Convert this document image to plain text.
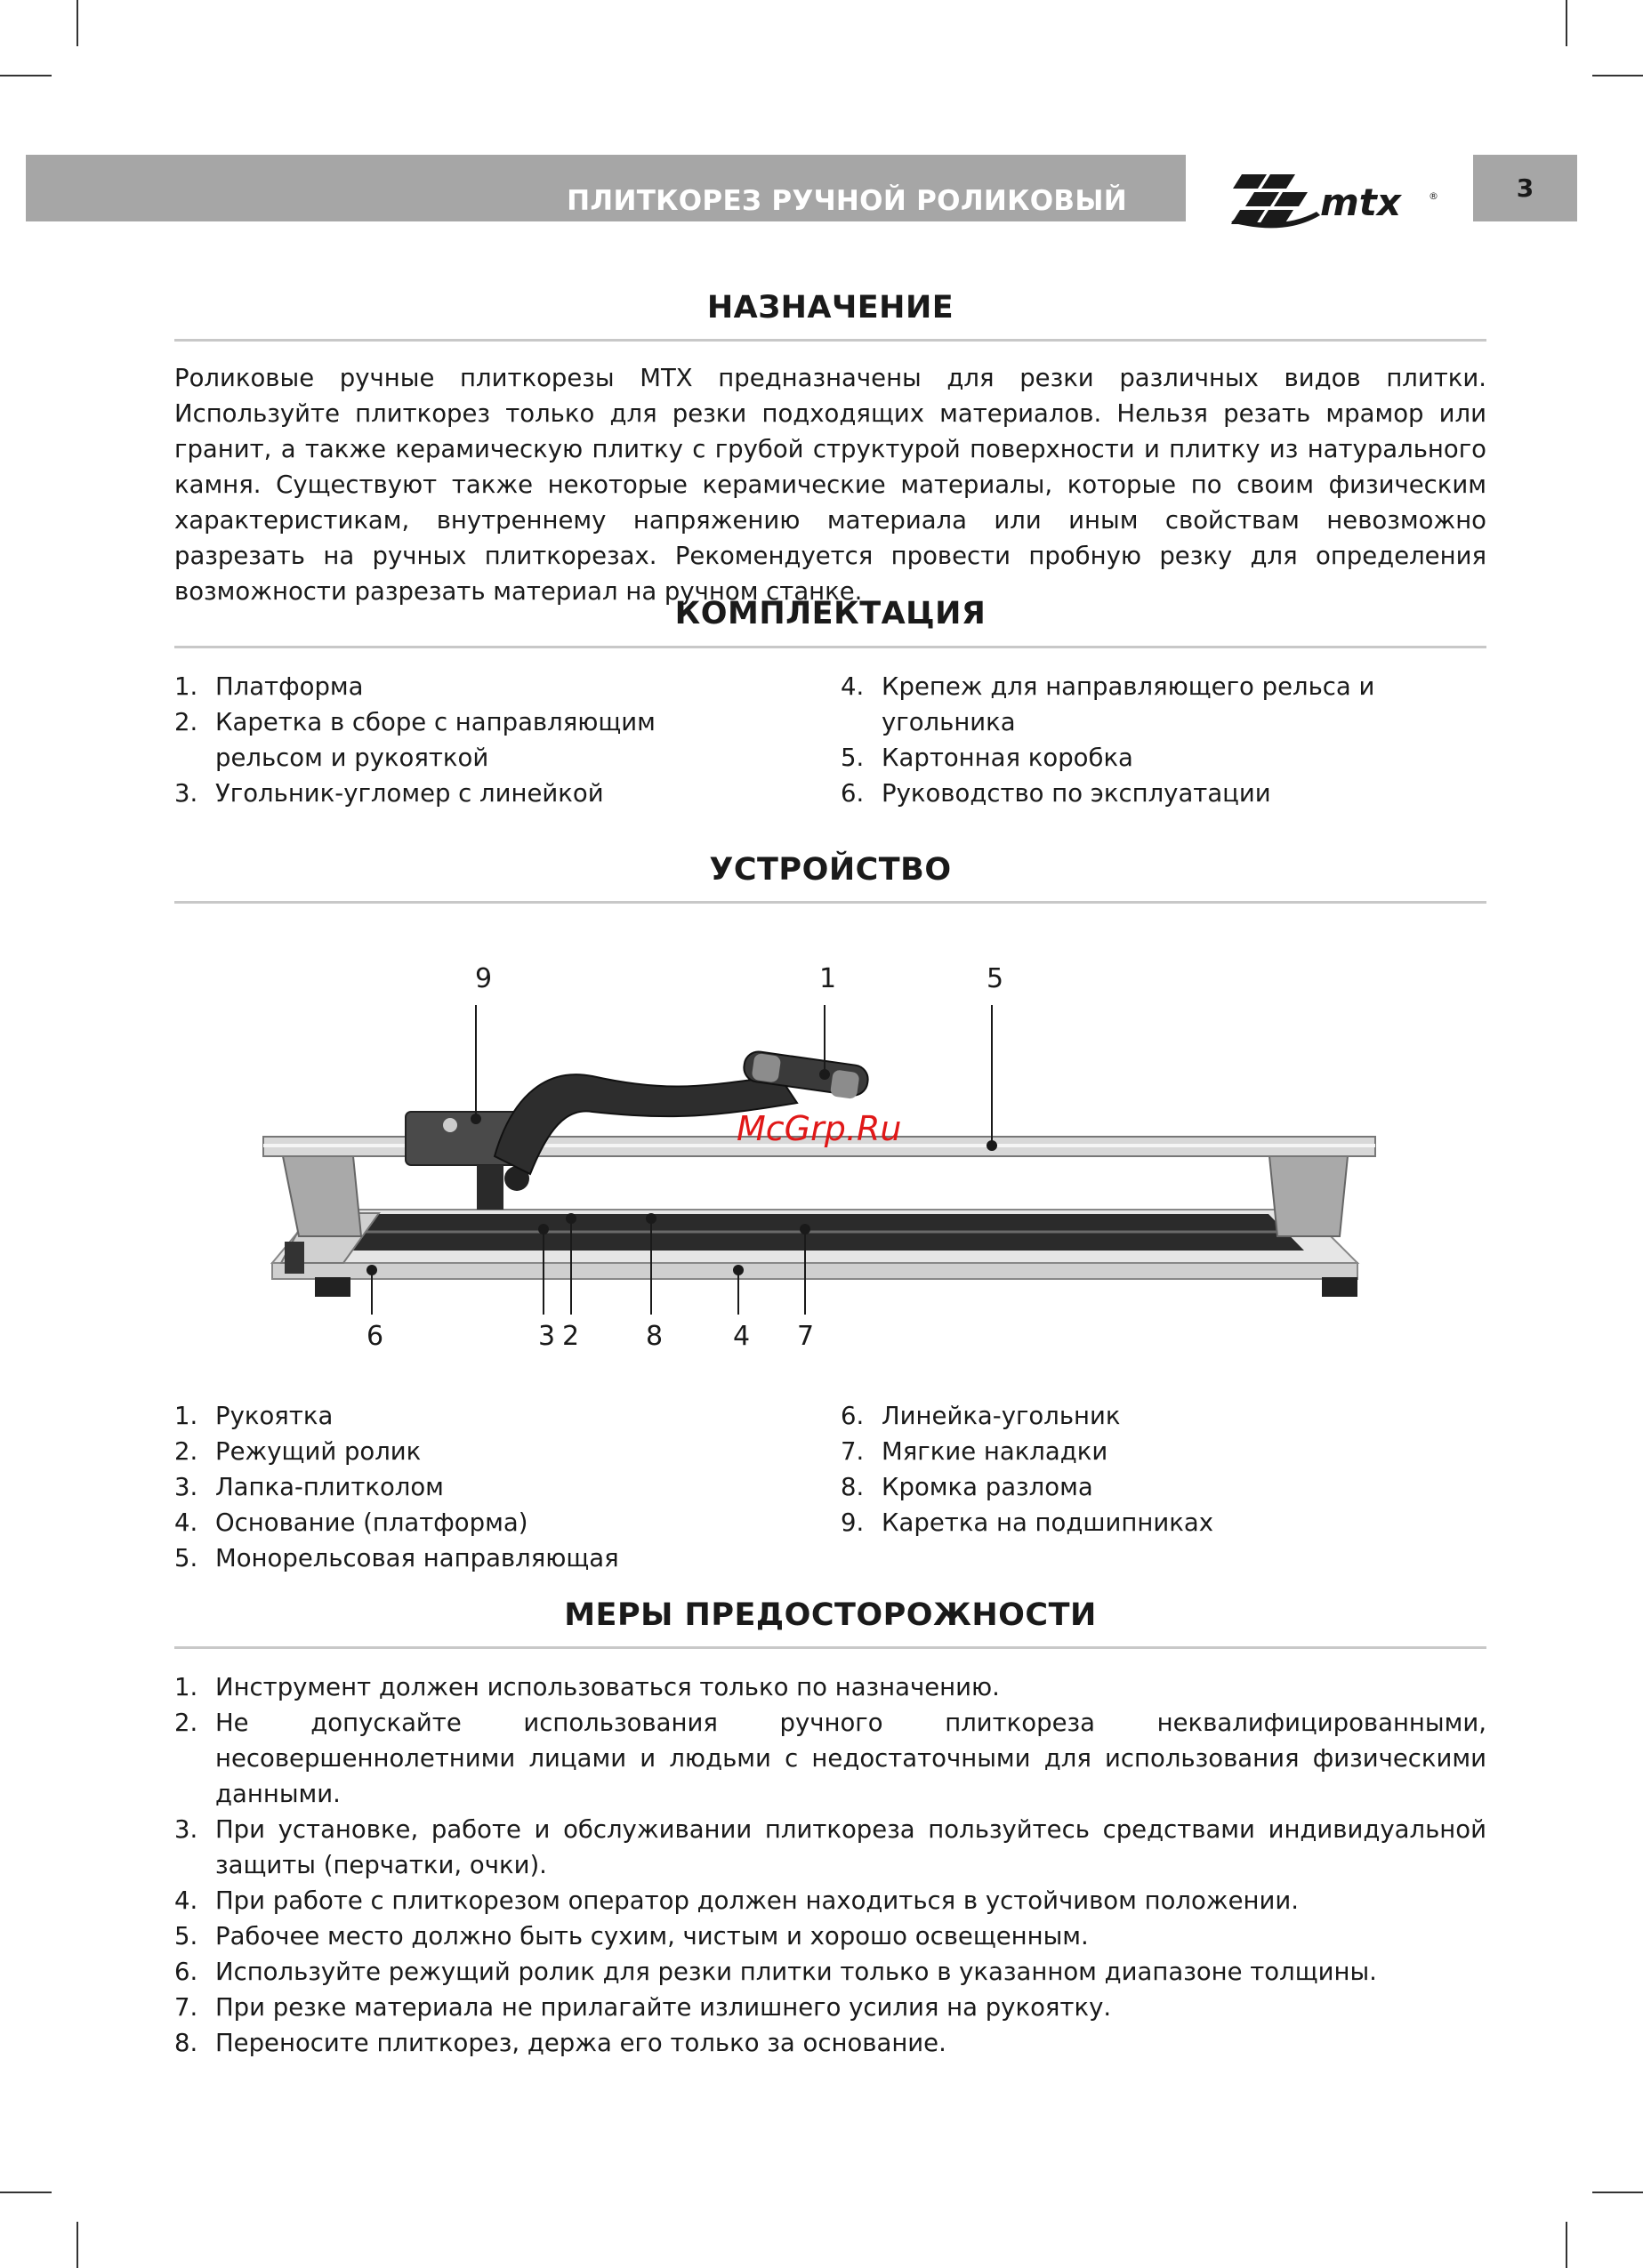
ПЛИТКОРЕЗ РУЧНОЙ РОЛИКОВЫЙ	mtx	®	3
НАЗНАЧЕНИЕ

Роликовые ручные плиткорезы МТХ предназначены для резки различных видов плитки. Используйте плиткорез только для резки подходящих материалов. Нельзя резать мрамор или гранит, а также керамическую плитку с грубой структурой поверхности и плитку из натурального камня. Существуют также некоторые керамические материалы, которые по своим физическим характеристикам, внутреннему напряжению материала или иным свойствам невозможно разрезать на ручных плиткорезах. Рекомендуется провести пробную резку для определения возможности разрезать материал на ручном станке.

КОМПЛЕКТАЦИЯ
1. Платформа
2. Каретка в сборе с направляющим рельсом и рукояткой
3. Угольник-угломер с линейкой
4. Крепеж для направляющего рельса и угольника
5. Картонная коробка
6. Руководство по эксплуатации
УСТРОЙСТВО
9	1	5
6	3 2 8	4 7
McGrp.Ru
1. Рукоятка
2. Режущий ролик
3. Лапка-плитколом
4. Основание (платформа)
5. Монорельсовая направляющая
6. Линейка-угольник
7. Мягкие накладки
8. Кромка разлома
9. Каретка на подшипниках
МЕРЫ ПРЕДОСТОРОЖНОСТИ
1. Инструмент должен использоваться только по назначению.
2. Не допускайте использования ручного плиткореза неквалифицированными, несовершеннолетними лицами и людьми с недостаточными для использования физическими данными.
3. При установке, работе и обслуживании плиткореза пользуйтесь средствами индивидуальной защиты (перчатки, очки).
4. При работе с плиткорезом оператор должен находиться в устойчивом положении.
5. Рабочее место должно быть сухим, чистым и хорошо освещенным.
6. Используйте режущий ролик для резки плитки только в указанном диапазоне толщины.
7. При резке материала не прилагайте излишнего усилия на рукоятку.
8. Переносите плиткорез, держа его только за основание.
